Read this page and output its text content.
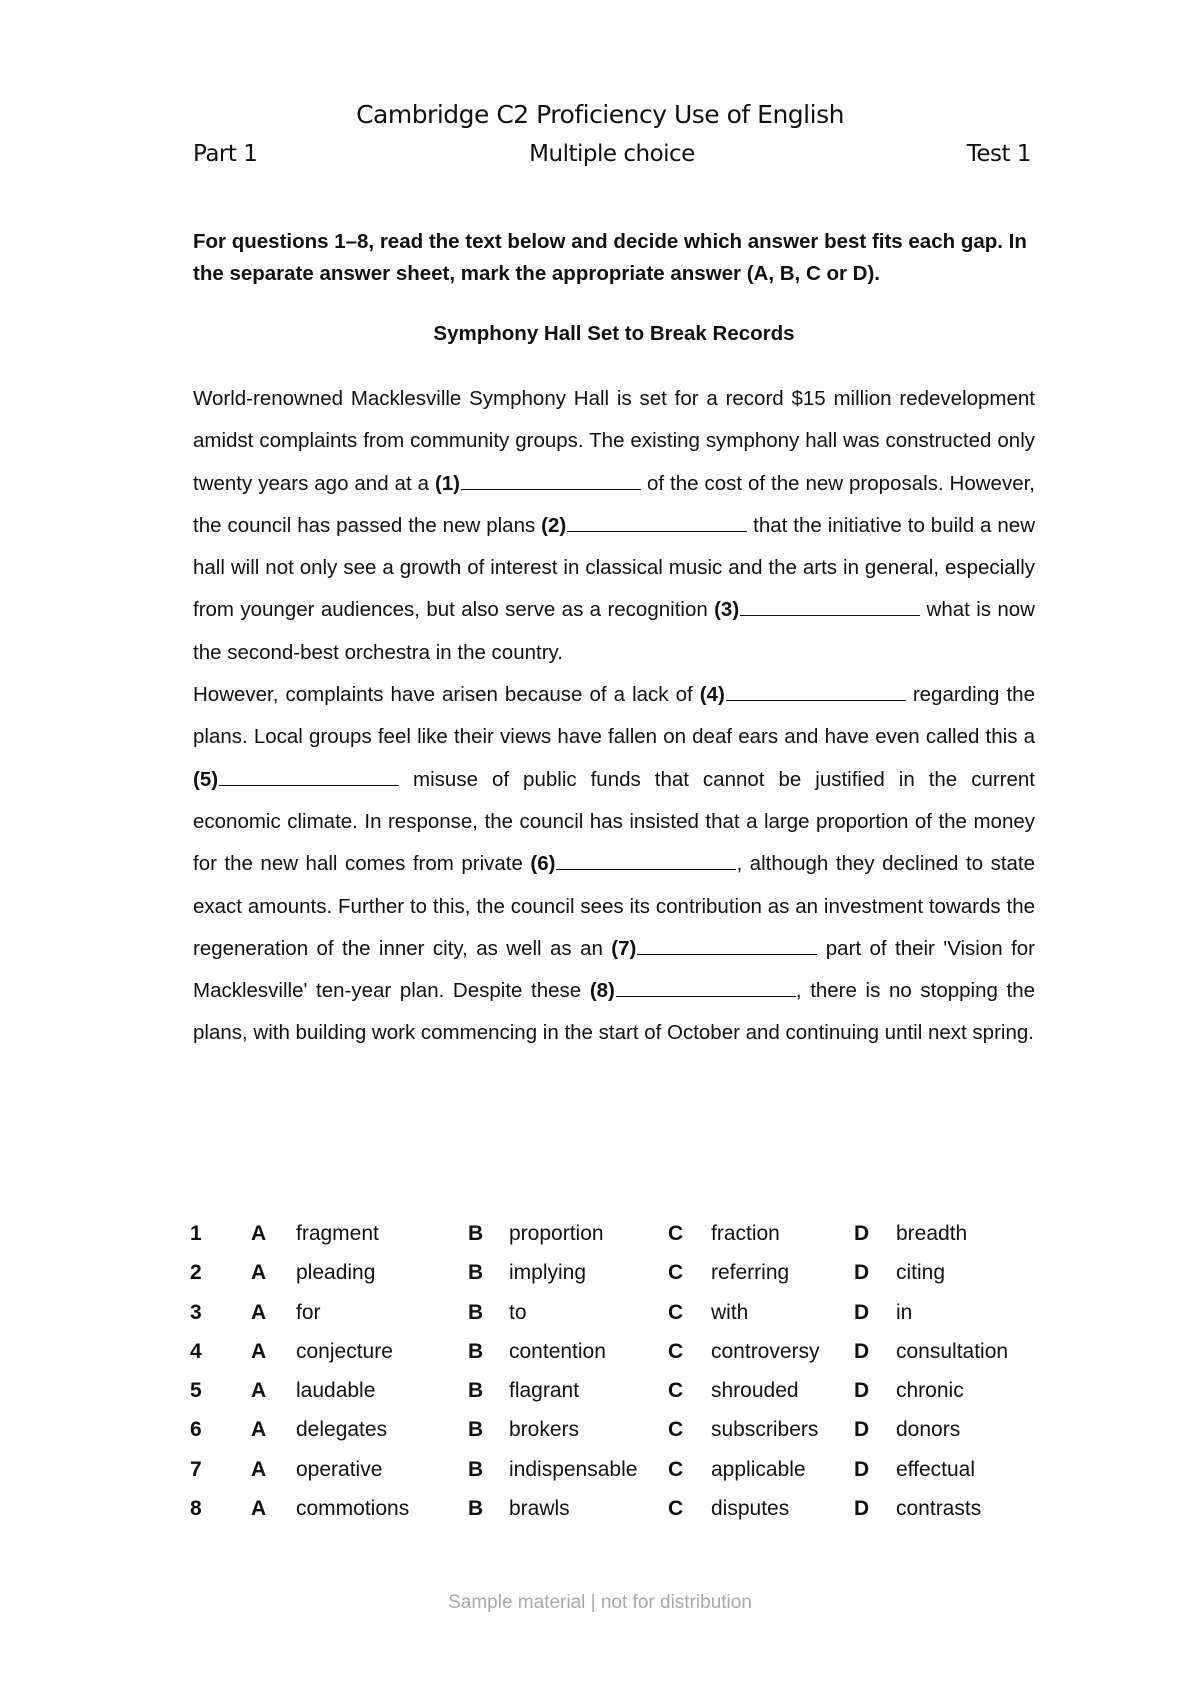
Cambridge C2 Proficiency Use of English
Part 1	Multiple choice	Test 1

For questions 1–8, read the text below and decide which answer best fits each gap. In the separate answer sheet, mark the appropriate answer (A, B, C or D).

Symphony Hall Set to Break Records

World-renowned Macklesville Symphony Hall is set for a record $15 million redevelopment amidst complaints from community groups. The existing symphony hall was constructed only twenty years ago and at a (1)	of the cost of the new proposals. However, the council has passed the new plans (2)	that the initiative to build a new hall will not only see a growth of interest in classical music and the arts in general, especially from younger audiences, but also serve as a recognition (3)	what is now the second-best orchestra in the country.

However, complaints have arisen because of a lack of (4)	regarding the plans. Local groups feel like their views have fallen on deaf ears and have even called this a (5)	misuse of public funds that cannot be justified in the current economic climate. In response, the council has insisted that a large proportion of the money for the new hall comes from private (6)	, although they declined to state exact amounts. Further to this, the council sees its contribution as an investment towards the regeneration of the inner city, as well as an (7)	part of their 'Vision for Macklesville' ten-year plan. Despite these (8)	, there is no stopping the plans, with building work commencing in the start of October and continuing until next spring.

1 A fragment	B proportion	C fraction	D breadth
2 A pleading	B implying	C referring	D citing
3 A for	B to	C with	D in
4 A conjecture	B contention	C controversy D consultation
5 A laudable	B flagrant	C shrouded	D chronic
6 A delegates	B brokers	C subscribers D donors
7 A operative	B indispensable C applicable D effectual
8 A commotions	B brawls	C disputes	D contrasts
Sample material | not for distribution
